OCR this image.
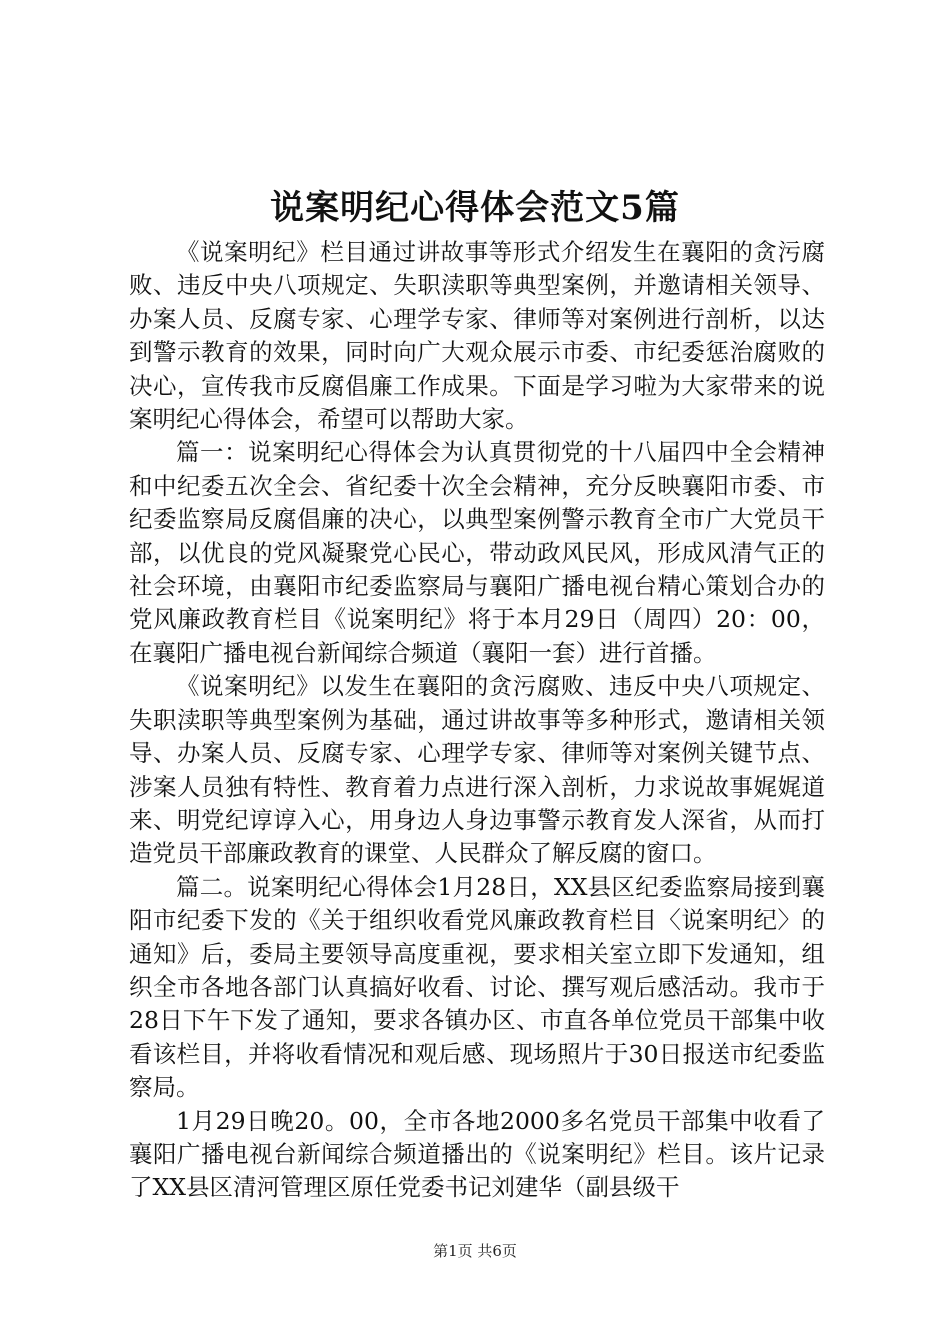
说案明纪心得体会范文5篇

《说案明纪》栏目通过讲故事等形式介绍发生在襄阳的贪污腐败、违反中央八项规定、失职渎职等典型案例，并邀请相关领导、办案人员、反腐专家、心理学专家、律师等对案例进行剖析，以达到警示教育的效果，同时向广大观众展示市委、市纪委惩治腐败的决心，宣传我市反腐倡廉工作成果。下面是学习啦为大家带来的说案明纪心得体会，希望可以帮助大家。

篇一：说案明纪心得体会为认真贯彻党的十八届四中全会精神和中纪委五次全会、省纪委十次全会精神，充分反映襄阳市委、市纪委监察局反腐倡廉的决心，以典型案例警示教育全市广大党员干部，以优良的党风凝聚党心民心，带动政风民风，形成风清气正的社会环境，由襄阳市纪委监察局与襄阳广播电视台精心策划合办的党风廉政教育栏目《说案明纪》将于本月29日（周四）20：00，在襄阳广播电视台新闻综合频道（襄阳一套）进行首播。

《说案明纪》以发生在襄阳的贪污腐败、违反中央八项规定、失职渎职等典型案例为基础，通过讲故事等多种形式，邀请相关领导、办案人员、反腐专家、心理学专家、律师等对案例关键节点、涉案人员独有特性、教育着力点进行深入剖析，力求说故事娓娓道来、明党纪谆谆入心，用身边人身边事警示教育发人深省，从而打造党员干部廉政教育的课堂、人民群众了解反腐的窗口。

篇二。说案明纪心得体会1月28日，XX县区纪委监察局接到襄阳市纪委下发的《关于组织收看党风廉政教育栏目〈说案明纪〉的通知》后，委局主要领导高度重视，要求相关室立即下发通知，组织全市各地各部门认真搞好收看、讨论、撰写观后感活动。我市于28日下午下发了通知，要求各镇办区、市直各单位党员干部集中收看该栏目，并将收看情况和观后感、现场照片于30日报送市纪委监察局。

1月29日晚20。00，全市各地2000多名党员干部集中收看了襄阳广播电视台新闻综合频道播出的《说案明纪》栏目。该片记录了XX县区清河管理区原任党委书记刘建华（副县级干

第1页 共6页
